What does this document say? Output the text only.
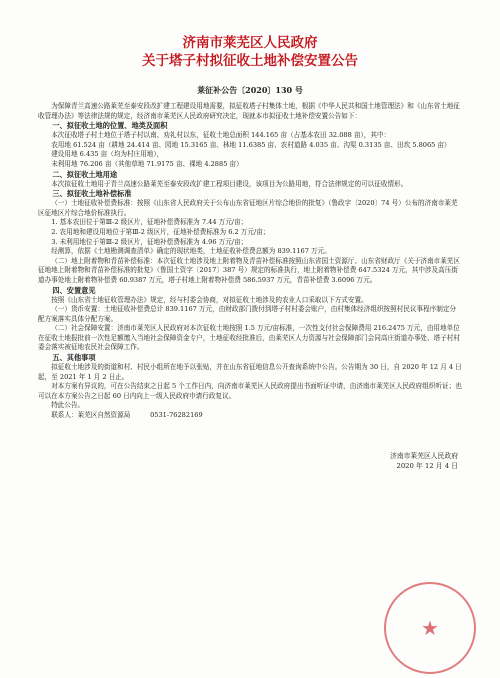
济南市莱芜区人民政府
关于塔子村拟征收土地补偿安置公告
莱征补公告〔2020〕130 号

为保障青兰高速公路莱芜至泰安段改扩建工程建设用地需要，拟征收塔子村集体土地，根据《中华人民共和国土地管理法》和《山东省土地征收管理办法》等法律法规的规定，经济南市莱芜区人民政府研究决定，现就本市拟征收土地补偿安置公告如下：

一、拟征收土地的位置、地类及面积

本次征收塔子村土地位于塔子村以南、劝礼村以东，征收土地总面积 144.165 亩（占基本农田 32.088 亩），其中：

农用地 61.524 亩（耕地 24.414 亩、园地 15.3165 亩、林地 11.6385 亩、农村道路 4.035 亩、沟渠 0.3135 亩、田坎 5.8065 亩）

建设用地 6.435 亩（均为村庄用地），

未利用地 76.206 亩（其他草地 71.9175 亩、裸地 4.2885 亩）

二、拟征收土地用途

本次拟征收土地用于青兰高速公路莱芜至泰安段改扩建工程项目建设，该项目为公路用地，符合法律规定的可以征收情形。

三、拟征收土地补偿标准

（一）土地征收补偿费标准：按照《山东省人民政府关于公布山东省征地区片综合地价的批复》（鲁政字〔2020〕74 号）公布的济南市莱芜区征地区片综合地价标准执行。

1. 基本农田位于第Ⅲ-2 级区片，征地补偿费标准为 7.44 万元/亩；

2. 农用地和建设用地位于第Ⅲ-2 级区片，征地补偿费标准为 6.2 万元/亩；

3. 未利用地位于第Ⅲ-2 级区片，征地补偿费标准为 4.96 万元/亩；

经测算，依据《土地勘测调查清单》确定的现状地类，土地征收补偿费总额为 839.1167 万元。

（二）地上附着物和青苗补偿标准：本次征收土地涉及地上附着物及青苗补偿标准按照山东省国土资源厅、山东省财政厅《关于济南市莱芜区征地地上附着物和青苗补偿标准的批复》（鲁国土资字〔2017〕387 号）规定的标准执行，地上附着物补偿费 647.5324 万元，其中涉及高压街道办事处地上附着物补偿费 60.9387 万元，塔子村地上附着物补偿费 586.5937 万元，青苗补偿费 3.6096 万元。

四、安置意见

按照《山东省土地征收管理办法》规定，经与村委会协商，对拟征收土地涉及的农业人口采取以下方式安置。

（一）货币安置：土地征收补偿费总计 839.1167 万元，由财政部门拨付到塔子村村委会账户，由村集体经济组织按照村民议事程序制定分配方案落实具体分配方案。

（二）社会保障安置：济南市莱芜区人民政府对本次征收土地按照 1.5 万元/亩标准，一次性支付社会保障费用 216.2475 万元，由用地单位在征收土地报批前一次性足额缴入当地社会保障资金专户，土地征收经批准后，由莱芜区人力资源与社会保障部门会同高庄街道办事处、塔子村村委会落实被征地农民社会保障工作。

五、其他事项

拟征收土地涉及的街道和村、村民小组所在地予以张贴，并在山东省征地信息公开查询系统中公告。公告期为 30 日，自 2020 年 12 月 4 日起，至 2021 年 1 月 2 日止。

对本方案有异议的，可在公告结束之日起 5 个工作日内，向济南市莱芜区人民政府提出书面听证申请，由济南市莱芜区人民政府组织听证；也可以在本方案公告之日起 60 日内向上一级人民政府申请行政复议。

特此公告。

联系人：莱芜区自然资源局　　　0531-76282169

济南市莱芜区人民政府
2020 年 12 月 4 日
★
